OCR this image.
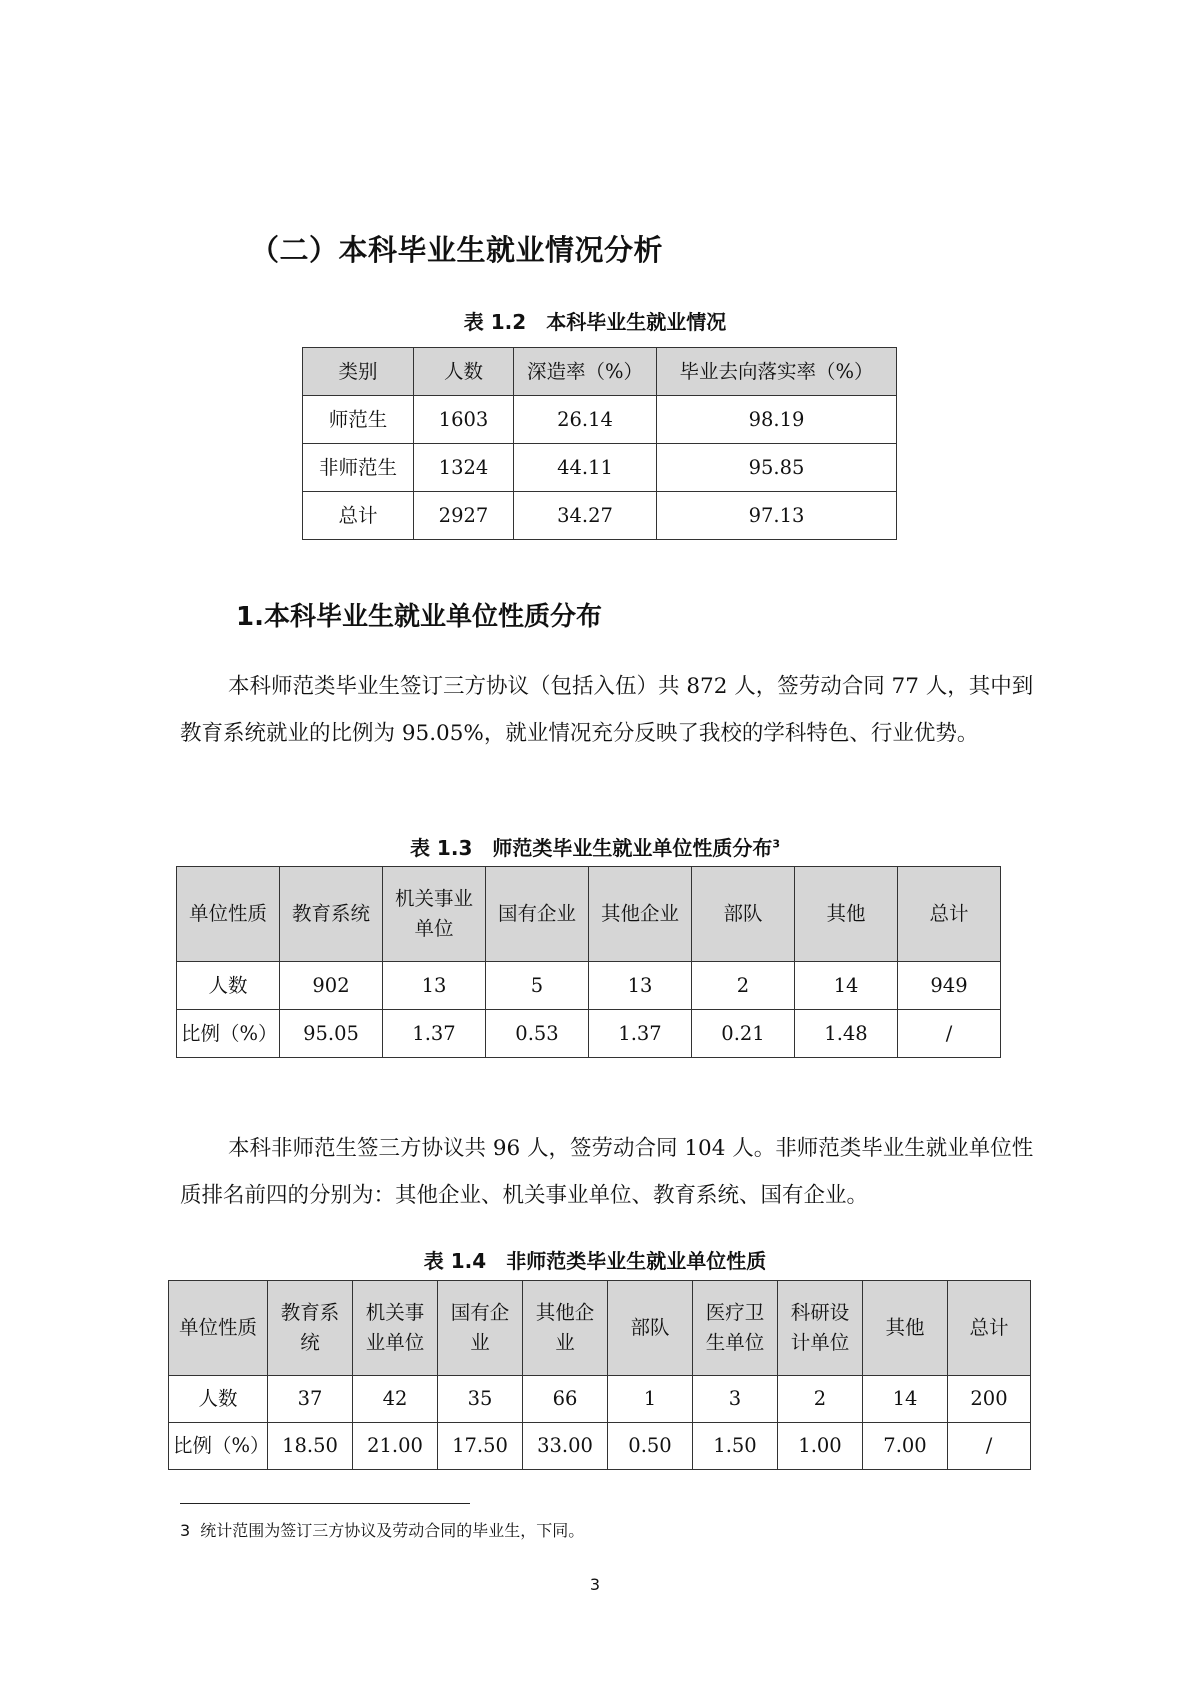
（二）本科毕业生就业情况分析
表 1.2　本科毕业生就业情况
类别	人数	深造率（%）	毕业去向落实率（%）
师范生	1603	26.14	98.19
非师范生	1324	44.11	95.85
总计	2927	34.27	97.13
1.本科毕业生就业单位性质分布

本科师范类毕业生签订三方协议（包括入伍）共 872 人，签劳动合同 77 人，其中到教育系统就业的比例为 95.05%，就业情况充分反映了我校的学科特色、行业优势。

表 1.3　师范类毕业生就业单位性质分布$^3$
单位性质	教育系统	机关事业单位	国有企业	其他企业	部队	其他	总计
人数	902	13	5	13	2	14	949
比例（%）	95.05	1.37	0.53	1.37	0.21	1.48	/

本科非师范生签三方协议共 96 人，签劳动合同 104 人。非师范类毕业生就业单位性质排名前四的分别为：其他企业、机关事业单位、教育系统、国有企业。

表 1.4　非师范类毕业生就业单位性质
单位性质	教育系统	机关事业单位	国有企业	其他企业	部队	医疗卫生单位	科研设计单位	其他	总计
人数	37	42	35	66	1	3	2	14	200
比例（%）	18.50	21.00	17.50	33.00	0.50	1.50	1.00	7.00	/
3 统计范围为签订三方协议及劳动合同的毕业生，下同。
3
